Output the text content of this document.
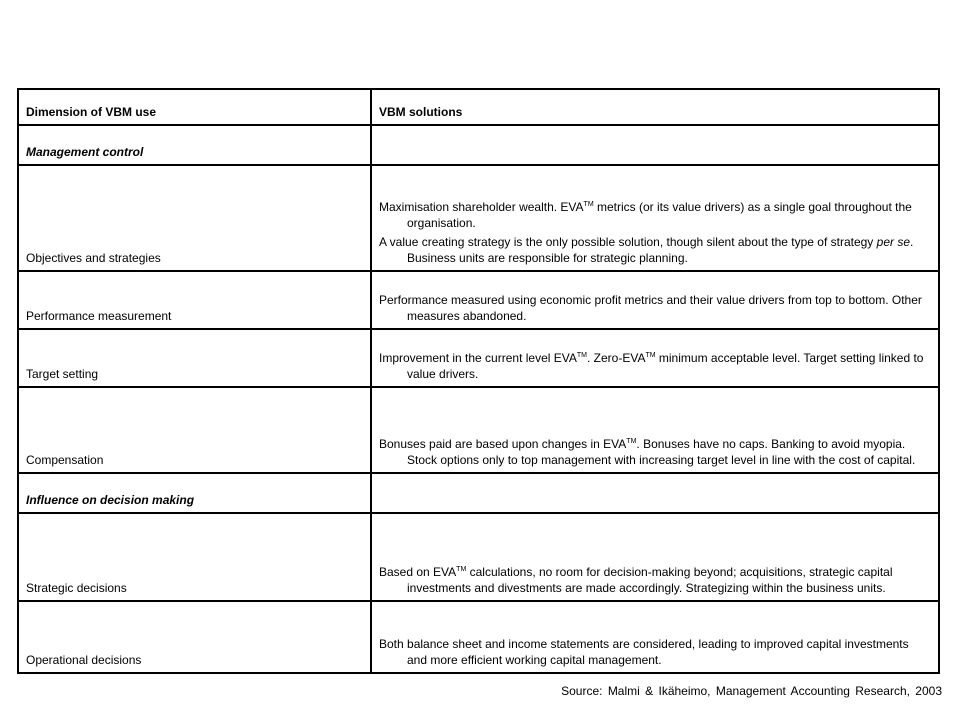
Dimension of VBM use	VBM solutions
Management control	
Objectives and strategies	Maximisation shareholder wealth. EVA™ metrics (or its value drivers) as a single goal throughout the organisation.

A value creating strategy is the only possible solution, though silent about the type of strategy per se. Business units are responsible for strategic planning.

Performance measurement	Performance measured using economic profit metrics and their value drivers from top to bottom. Other measures abandoned.

Target setting	Improvement in the current level EVA™. Zero-EVA™ minimum acceptable level. Target setting linked to value drivers.

Compensation	Bonuses paid are based upon changes in EVA™. Bonuses have no caps. Banking to avoid myopia. Stock options only to top management with increasing target level in line with the cost of capital.

Influence on decision making	
Strategic decisions	Based on EVA™ calculations, no room for decision-making beyond; acquisitions, strategic capital investments and divestments are made accordingly. Strategizing within the business units.

Operational decisions	Both balance sheet and income statements are considered, leading to improved capital investments and more efficient working capital management.

Source: Malmi & Ikäheimo, Management Accounting Research, 2003
